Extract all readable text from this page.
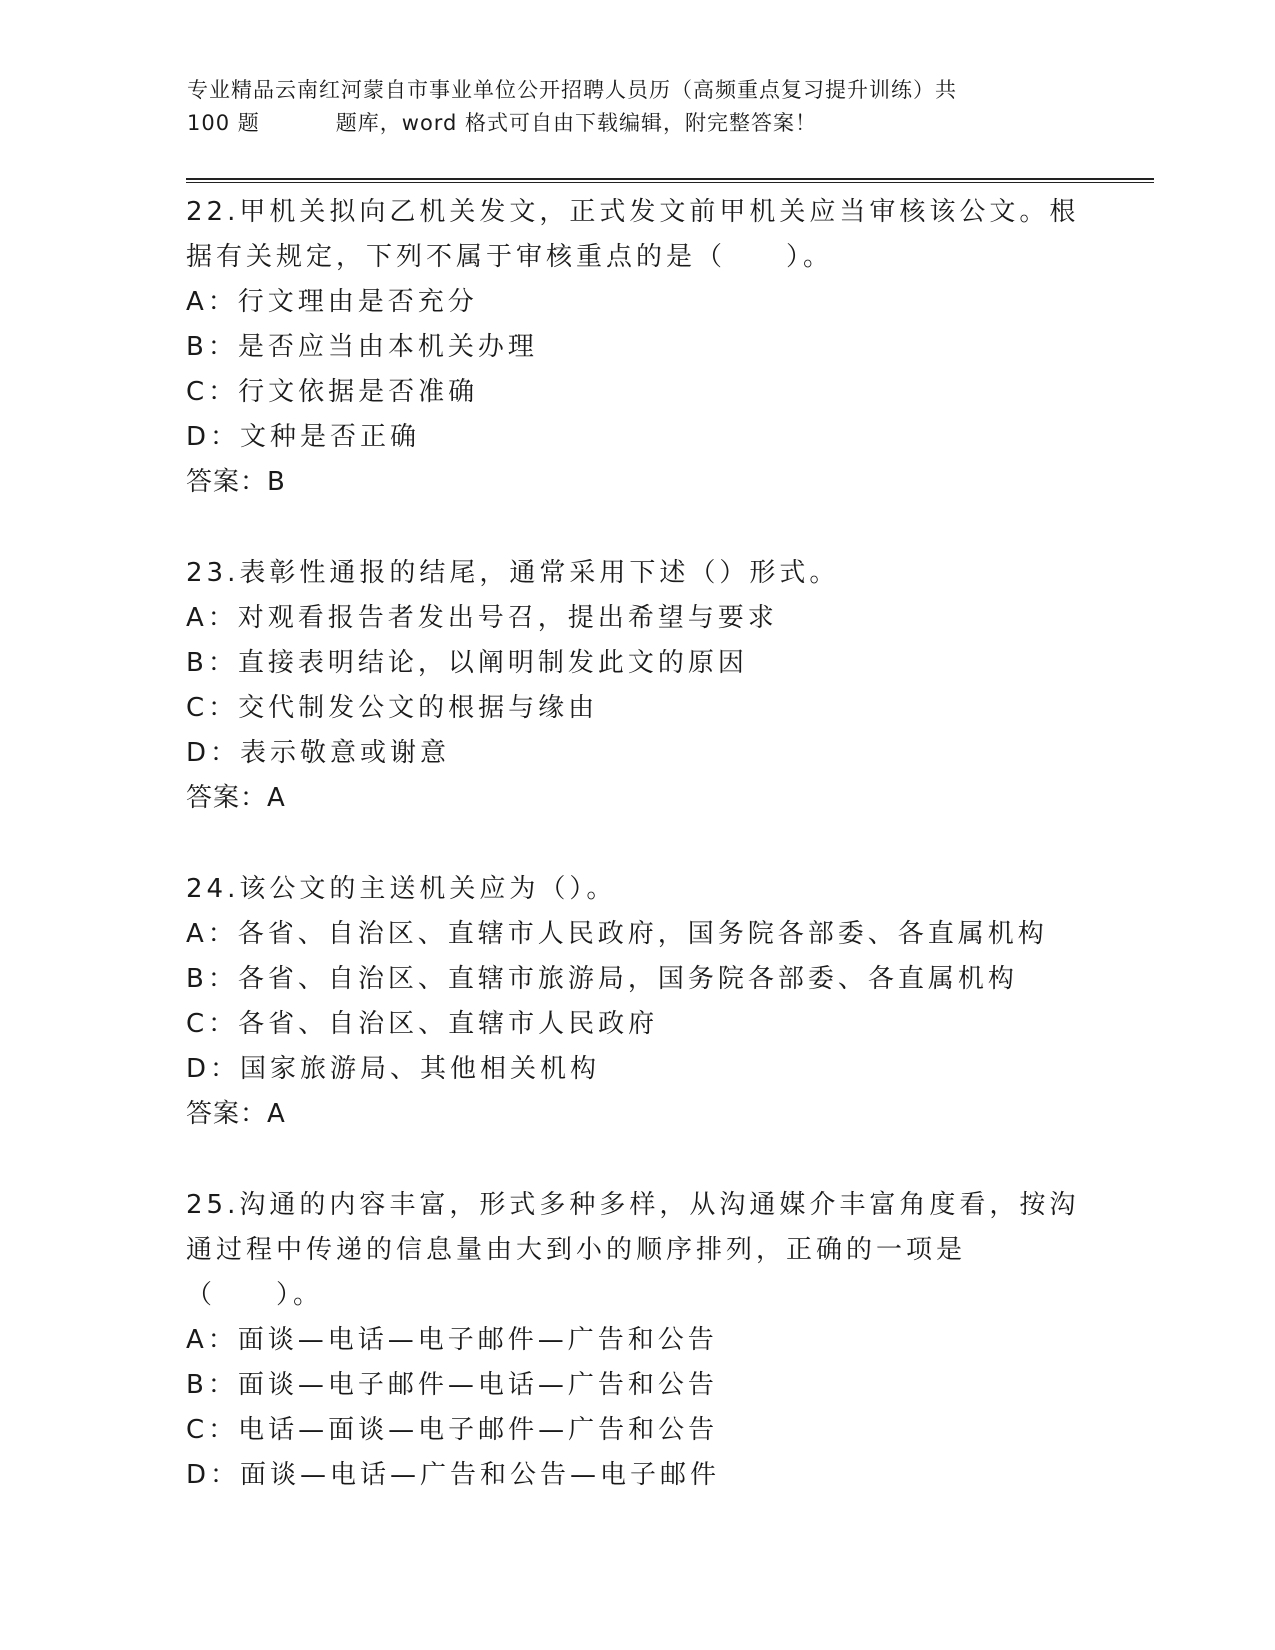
专业精品云南红河蒙自市事业单位公开招聘人员历（高频重点复习提升训练）共
100 题	题库，word 格式可自由下载编辑，附完整答案！

22.甲机关拟向乙机关发文，正式发文前甲机关应当审核该公文。根据有关规定，下列不属于审核重点的是（　　）。

A：行文理由是否充分
B：是否应当由本机关办理
C：行文依据是否准确
D：文种是否正确
答案：B

23.表彰性通报的结尾，通常采用下述（）形式。

A：对观看报告者发出号召，提出希望与要求
B：直接表明结论，以阐明制发此文的原因
C：交代制发公文的根据与缘由
D：表示敬意或谢意
答案：A

24.该公文的主送机关应为（）。

A：各省、自治区、直辖市人民政府，国务院各部委、各直属机构
B：各省、自治区、直辖市旅游局，国务院各部委、各直属机构
C：各省、自治区、直辖市人民政府
D：国家旅游局、其他相关机构
答案：A

25.沟通的内容丰富，形式多种多样，从沟通媒介丰富角度看，按沟通过程中传递的信息量由大到小的顺序排列，正确的一项是（　　）。

A：面谈—电话—电子邮件—广告和公告
B：面谈—电子邮件—电话—广告和公告
C：电话—面谈—电子邮件—广告和公告
D：面谈—电话—广告和公告—电子邮件
